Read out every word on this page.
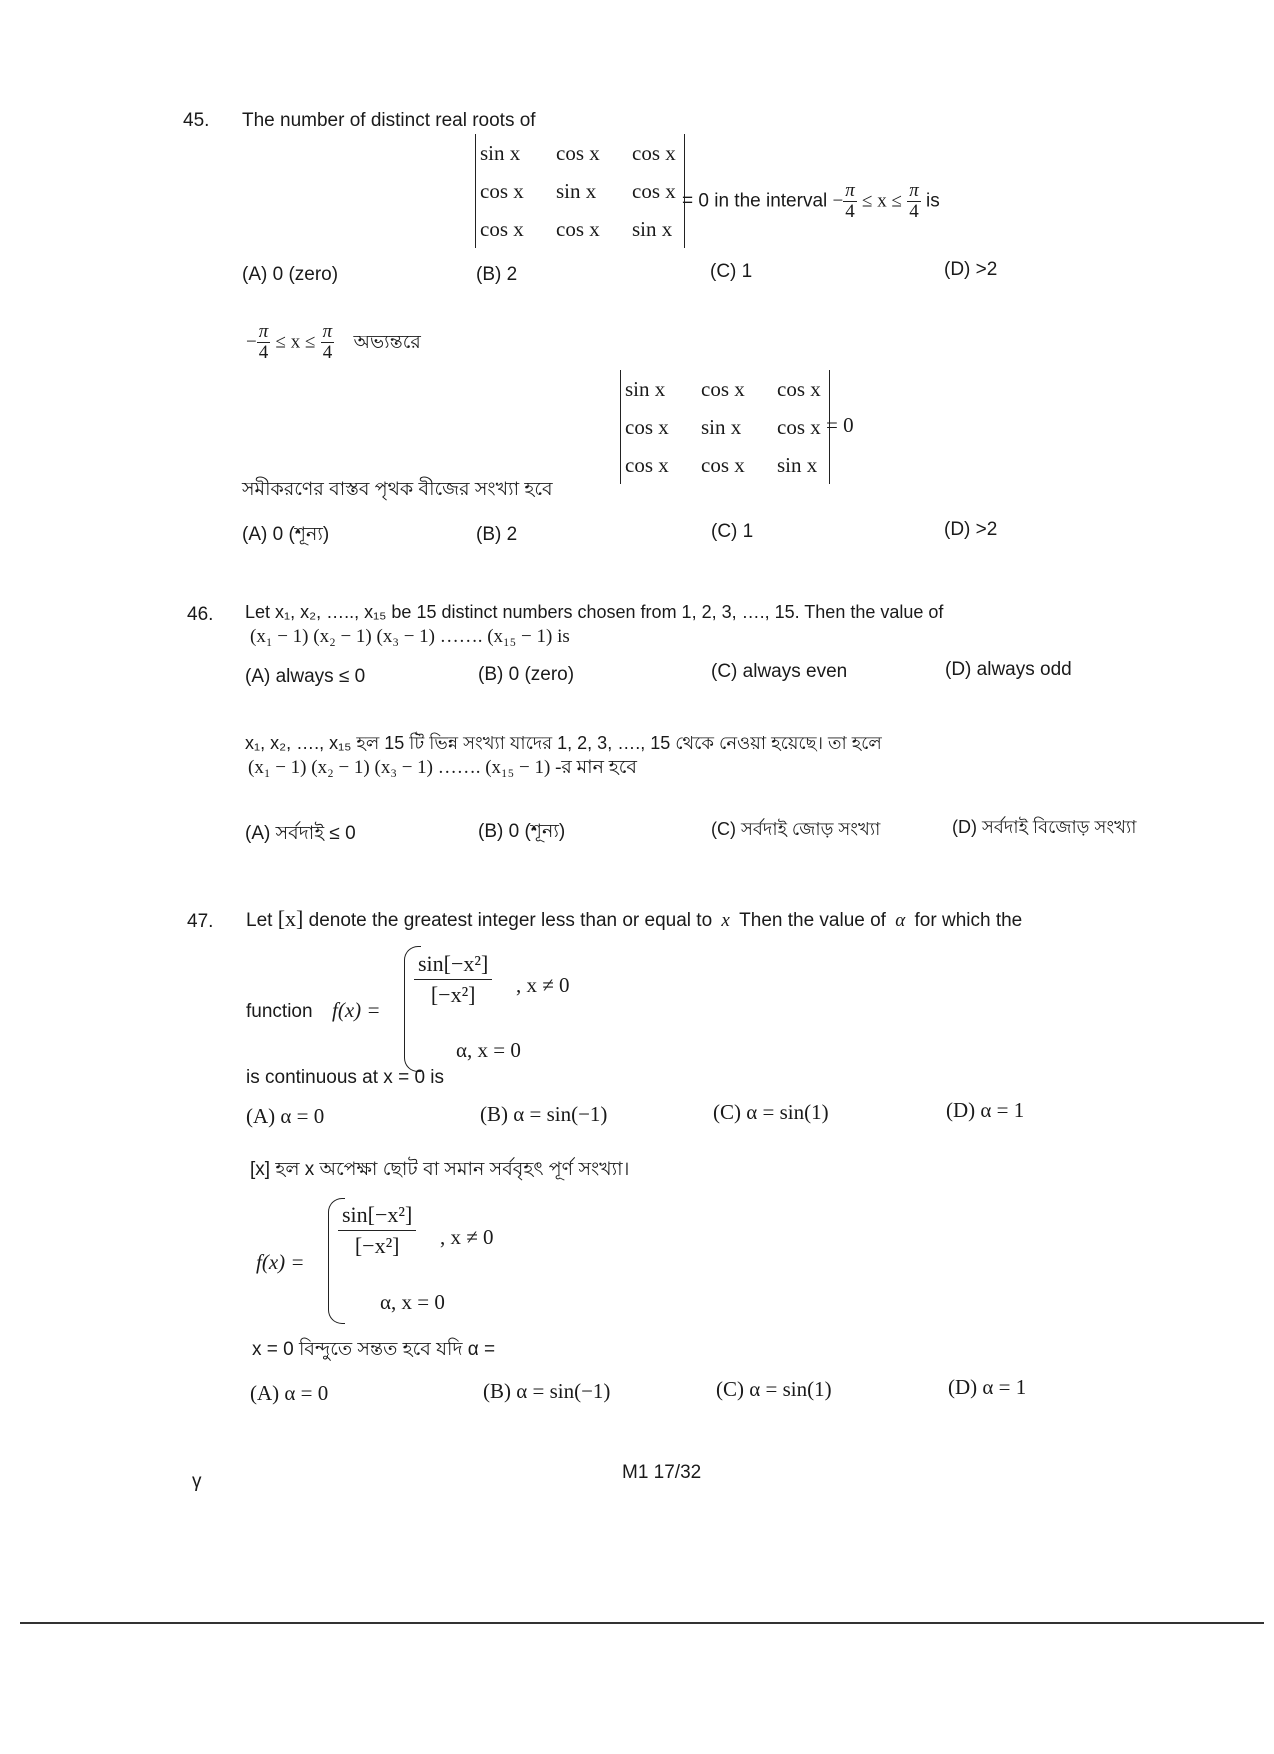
45. The number of distinct real roots of
sin x	cos x	cos x
cos x	sin x	cos x
cos x	cos x	sin x
= 0 in the interval − $\frac{\pi}{4} \le x \le \frac{\pi}{4}$ is
(A) 0 (zero)	(B) 2	(C) 1	(D) >2
− $\frac{\pi}{4} \le x \le \frac{\pi}{4}$ অভ্যন্তরে
sin x	cos x	cos x
cos x	sin x	cos x
cos x	cos x	sin x
= 0
সমীকরণের বাস্তব পৃথক বীজের সংখ্যা হবে
(A) 0 (শূন্য)	(B) 2	(C) 1	(D) >2
46. Let x₁, x₂, ….., x₁₅ be 15 distinct numbers chosen from 1, 2, 3, …., 15. Then the value of
(x₁ − 1) (x₂ − 1) (x₃ − 1) ……. (x₁₅ − 1) is
(A) always ≤ 0	(B) 0 (zero)	(C) always even	(D) always odd
x₁, x₂, …., x₁₅ হল 15 টি ভিন্ন সংখ্যা যাদের 1, 2, 3, …., 15 থেকে নেওয়া হয়েছে। তা হলে
(x₁ − 1) (x₂ − 1) (x₃ − 1) ……. (x₁₅ − 1) -র মান হবে
(A) সর্বদাই ≤ 0	(B) 0 (শূন্য)	(C) সর্বদাই জোড় সংখ্যা	(D) সর্বদাই বিজোড় সংখ্যা
47. Let [x] denote the greatest integer less than or equal to x Then the value of α for which the
function f(x) =
$\frac{\text{sin[−x²]}}{\text{[−x²]}}$ , x ≠ 0
α, x = 0
is continuous at x = 0 is
(A) α = 0	(B) α = sin(−1)	(C) α = sin(1)	(D) α = 1
[x] হল x অপেক্ষা ছোট বা সমান সর্ববৃহৎ পূর্ণ সংখ্যা।
f(x) =
$\frac{\text{sin[−x²]}}{\text{[−x²]}}$ , x ≠ 0
α, x = 0
x = 0 বিন্দুতে সন্তত হবে যদি α =
(A) α = 0	(B) α = sin(−1)	(C) α = sin(1)	(D) α = 1
γ	M1 17/32
